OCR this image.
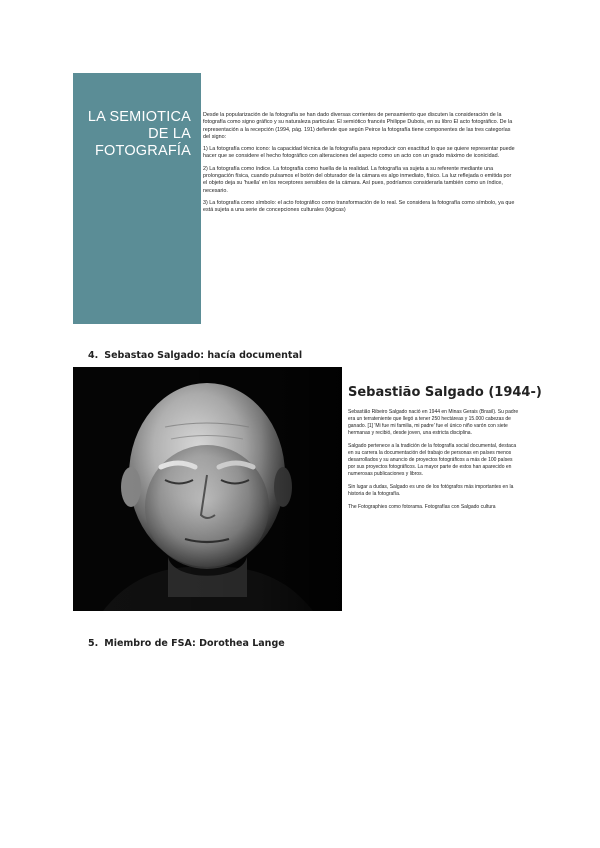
LA SEMIOTICA
DE LA
FOTOGRAFÍA

Desde la popularización de la fotografía se han dado diversas corrientes de pensamiento que discuten la consideración de la fotografía como signo gráfico y su naturaleza particular. El semiótico francés Philippe Dubois, en su libro El acto fotográfico. De la representación a la recepción (1994, pág. 191) defiende que según Peirce la fotografía tiene componentes de las tres categorías del signo:

1) La fotografía como icono: la capacidad técnica de la fotografía para reproducir con exactitud lo que se quiere representar puede hacer que se considere el hecho fotográfico con alteraciones del aspecto como un acto con un grado máximo de iconicidad.

2) La fotografía como índice. La fotografía como huella de la realidad. La fotografía va sujeta a su referente mediante una prolongación física, cuando pulsamos el botón del obturador de la cámara es algo inmediato, físico. La luz reflejada o emitida por el objeto deja su 'huella' en los receptores sensibles de la cámara. Así pues, podríamos considerarla también como un índice, necesario.

3) La fotografía como símbolo: el acto fotográfico como transformación de lo real. Se considera la fotografía como símbolo, ya que está sujeta a una serie de concepciones culturales (lógicas)

4. Sebastao Salgado: hacía documental
Sebastião Salgado (1944-)

Sebastião Ribeiro Salgado nació en 1944 en Minas Gerais (Brasil). Su padre era un terrateniente que llegó a tener 250 hectáreas y 15.000 cabezas de ganado. [1] 'Mi fue mi familia, mi padre' fue el único niño varón con siete hermanas y recibió, desde joven, una estricta disciplina.

Salgado pertenece a la tradición de la fotografía social documental, destaca en su carrera la documentación del trabajo de personas en países menos desarrollados y su anuncio de proyectos fotográficos a más de 100 países por sus proyectos fotográficos. La mayor parte de estos han aparecido en numerosas publicaciones y libros.

Sin lugar a dudas, Salgado es uno de los fotógrafos más importantes en la historia de la fotografía.

The Fotographies como fotorama. Fotografías con Salgado cultura

5. Miembro de FSA: Dorothea Lange
